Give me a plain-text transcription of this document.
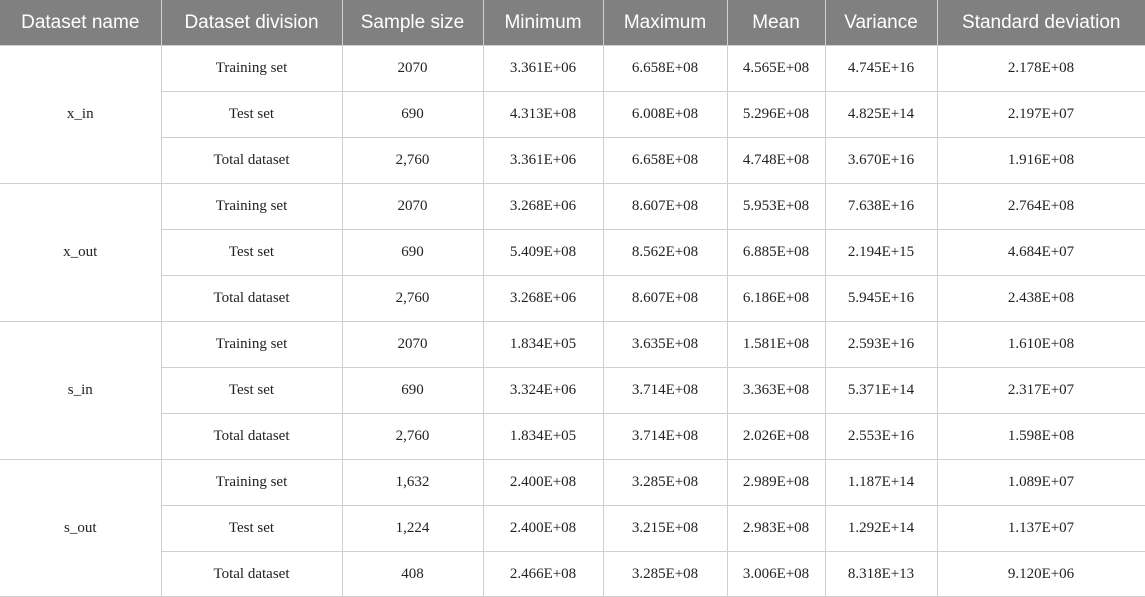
Dataset name	Dataset division	Sample size	Minimum	Maximum	Mean	Variance	Standard deviation
x_in	Training set	2070	3.361E+06	6.658E+08	4.565E+08	4.745E+16	2.178E+08
	Test set	690	4.313E+08	6.008E+08	5.296E+08	4.825E+14	2.197E+07
	Total dataset	2,760	3.361E+06	6.658E+08	4.748E+08	3.670E+16	1.916E+08
x_out	Training set	2070	3.268E+06	8.607E+08	5.953E+08	7.638E+16	2.764E+08
	Test set	690	5.409E+08	8.562E+08	6.885E+08	2.194E+15	4.684E+07
	Total dataset	2,760	3.268E+06	8.607E+08	6.186E+08	5.945E+16	2.438E+08
s_in	Training set	2070	1.834E+05	3.635E+08	1.581E+08	2.593E+16	1.610E+08
	Test set	690	3.324E+06	3.714E+08	3.363E+08	5.371E+14	2.317E+07
	Total dataset	2,760	1.834E+05	3.714E+08	2.026E+08	2.553E+16	1.598E+08
s_out	Training set	1,632	2.400E+08	3.285E+08	2.989E+08	1.187E+14	1.089E+07
	Test set	1,224	2.400E+08	3.215E+08	2.983E+08	1.292E+14	1.137E+07
	Total dataset	408	2.466E+08	3.285E+08	3.006E+08	8.318E+13	9.120E+06
